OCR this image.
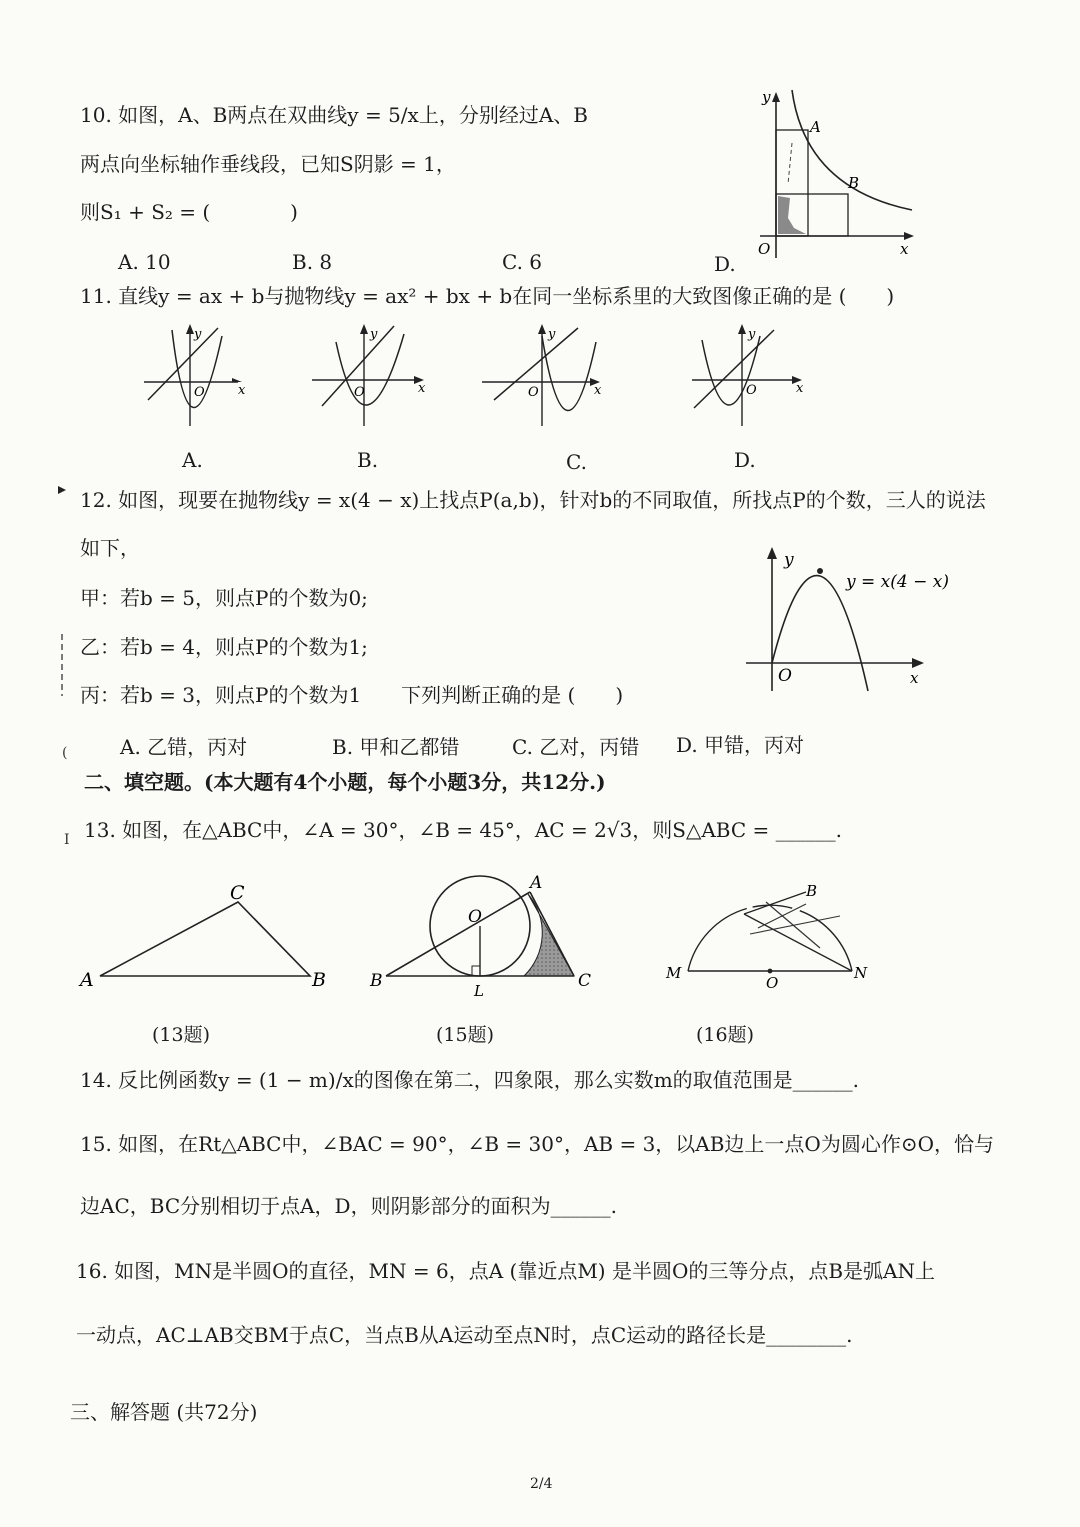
10. 如图，A、B两点在双曲线y = 5/x上，分别经过A、B
两点向坐标轴作垂线段，已知S阴影 = 1，
则S₁ + S₂ = (　　　　)
A. 10	B. 8	C. 6	D.
y
x
O
A
B
11. 直线y = ax + b与抛物线y = ax² + bx + b在同一坐标系里的大致图像正确的是 (　　)
y
x
O
y
x
O
y
x
O
y
x
O
A.	B.	C.	D.
12. 如图，现要在抛物线y = x(4 − x)上找点P(a,b)，针对b的不同取值，所找点P的个数，三人的说法
如下，
甲：若b = 5，则点P的个数为0;
乙：若b = 4，则点P的个数为1;
丙：若b = 3，则点P的个数为1　　下列判断正确的是 (　　)
y
x
O
y = x(4 − x)
A. 乙错，丙对	B. 甲和乙都错	C. 乙对，丙错 D. 甲错，丙对
二、填空题。(本大题有4个小题，每个小题3分，共12分.)
13. 如图，在△ABC中，∠A = 30°，∠B = 45°，AC = 2√3，则S△ABC = ______.
A	B
C
B	C
A
O
L
M	N
O
B
(13题)	(15题)	(16题)
14. 反比例函数y = (1 − m)/x的图像在第二，四象限，那么实数m的取值范围是______.
15. 如图，在Rt△ABC中，∠BAC = 90°，∠B = 30°，AB = 3，以AB边上一点O为圆心作⊙O，恰与
边AC，BC分别相切于点A，D，则阴影部分的面积为______.
16. 如图，MN是半圆O的直径，MN = 6，点A (靠近点M) 是半圆O的三等分点，点B是弧AN上
一动点，AC⊥AB交BM于点C，当点B从A运动至点N时，点C运动的路径长是________.
三、解答题 (共72分)
2/4
(
I
